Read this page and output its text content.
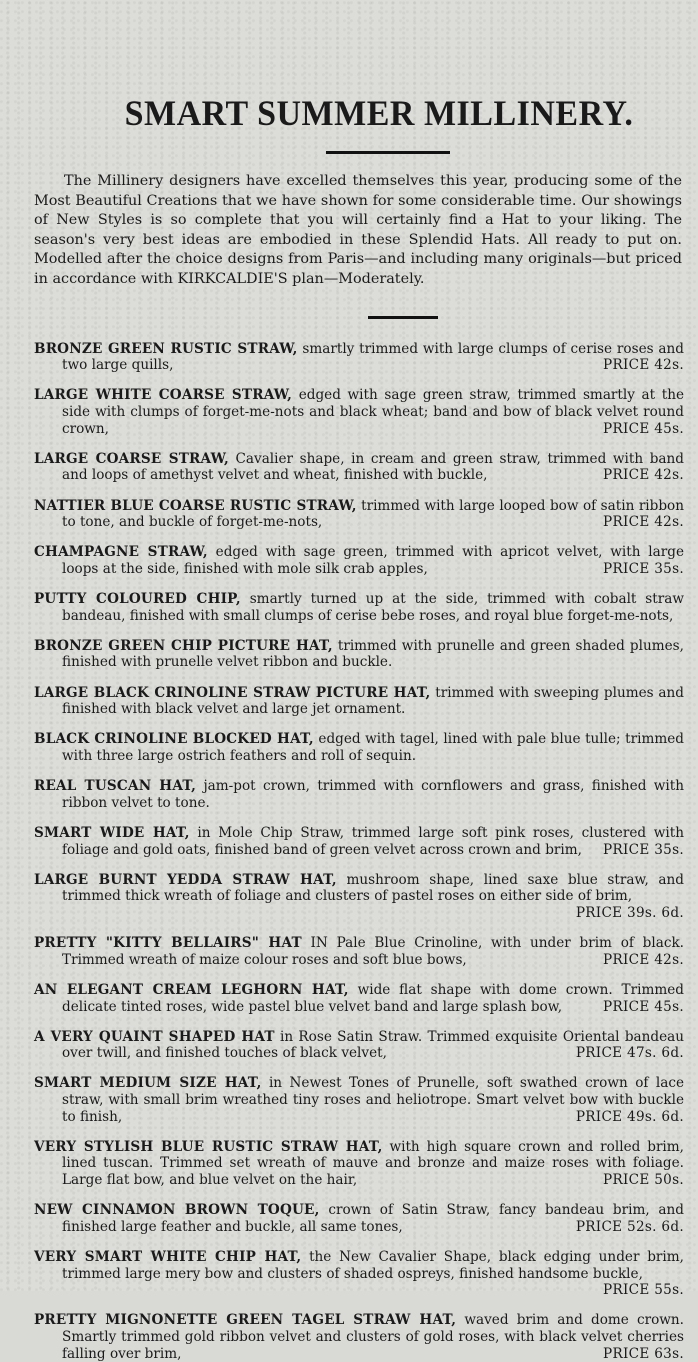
SMART SUMMER MILLINERY.

The Millinery designers have excelled themselves this year, producing some of the Most Beautiful Creations that we have shown for some considerable time. Our showings of New Styles is so complete that you will certainly find a Hat to your liking. The season's very best ideas are embodied in these Splendid Hats. All ready to put on. Modelled after the choice designs from Paris—and including many originals—but priced in accordance with KIRKCALDIE'S plan—Moderately.

BRONZE GREEN RUSTIC STRAW, smartly trimmed with large clumps of cerise roses and two large quills,	PRICE 42s.

LARGE WHITE COARSE STRAW, edged with sage green straw, trimmed smartly at the side with clumps of forget-me-nots and black wheat; band and bow of black velvet round crown,	PRICE 45s.

LARGE COARSE STRAW, Cavalier shape, in cream and green straw, trimmed with band and loops of amethyst velvet and wheat, finished with buckle,	PRICE 42s.

NATTIER BLUE COARSE RUSTIC STRAW, trimmed with large looped bow of satin ribbon to tone, and buckle of forget-me-nots,	PRICE 42s.

CHAMPAGNE STRAW, edged with sage green, trimmed with apricot velvet, with large loops at the side, finished with mole silk crab apples,	PRICE 35s.

PUTTY COLOURED CHIP, smartly turned up at the side, trimmed with cobalt straw bandeau, finished with small clumps of cerise bebe roses, and royal blue forget-me-nots,

BRONZE GREEN CHIP PICTURE HAT, trimmed with prunelle and green shaded plumes, finished with prunelle velvet ribbon and buckle.

LARGE BLACK CRINOLINE STRAW PICTURE HAT, trimmed with sweeping plumes and finished with black velvet and large jet ornament.

BLACK CRINOLINE BLOCKED HAT, edged with tagel, lined with pale blue tulle; trimmed with three large ostrich feathers and roll of sequin.

REAL TUSCAN HAT, jam-pot crown, trimmed with cornflowers and grass, finished with ribbon velvet to tone.

SMART WIDE HAT, in Mole Chip Straw, trimmed large soft pink roses, clustered with foliage and gold oats, finished band of green velvet across crown and brim,	PRICE 35s.

LARGE BURNT YEDDA STRAW HAT, mushroom shape, lined saxe blue straw, and trimmed thick wreath of foliage and clusters of pastel roses on either side of brim,
PRICE 39s. 6d.

PRETTY "KITTY BELLAIRS" HAT IN Pale Blue Crinoline, with under brim of black. Trimmed wreath of maize colour roses and soft blue bows,	PRICE 42s.

AN ELEGANT CREAM LEGHORN HAT, wide flat shape with dome crown. Trimmed delicate tinted roses, wide pastel blue velvet band and large splash bow,	PRICE 45s.

A VERY QUAINT SHAPED HAT in Rose Satin Straw. Trimmed exquisite Oriental bandeau over twill, and finished touches of black velvet,	PRICE 47s. 6d.

SMART MEDIUM SIZE HAT, in Newest Tones of Prunelle, soft swathed crown of lace straw, with small brim wreathed tiny roses and heliotrope. Smart velvet bow with buckle to finish,	PRICE 49s. 6d.

VERY STYLISH BLUE RUSTIC STRAW HAT, with high square crown and rolled brim, lined tuscan. Trimmed set wreath of mauve and bronze and maize roses with foliage. Large flat bow, and blue velvet on the hair,	PRICE 50s.

NEW CINNAMON BROWN TOQUE, crown of Satin Straw, fancy bandeau brim, and finished large feather and buckle, all same tones,	PRICE 52s. 6d.

VERY SMART WHITE CHIP HAT, the New Cavalier Shape, black edging under brim, trimmed large mery bow and clusters of shaded ospreys, finished handsome buckle,
PRICE 55s.

PRETTY MIGNONETTE GREEN TAGEL STRAW HAT, waved brim and dome crown. Smartly trimmed gold ribbon velvet and clusters of gold roses, with black velvet cherries falling over brim,	PRICE 63s.
